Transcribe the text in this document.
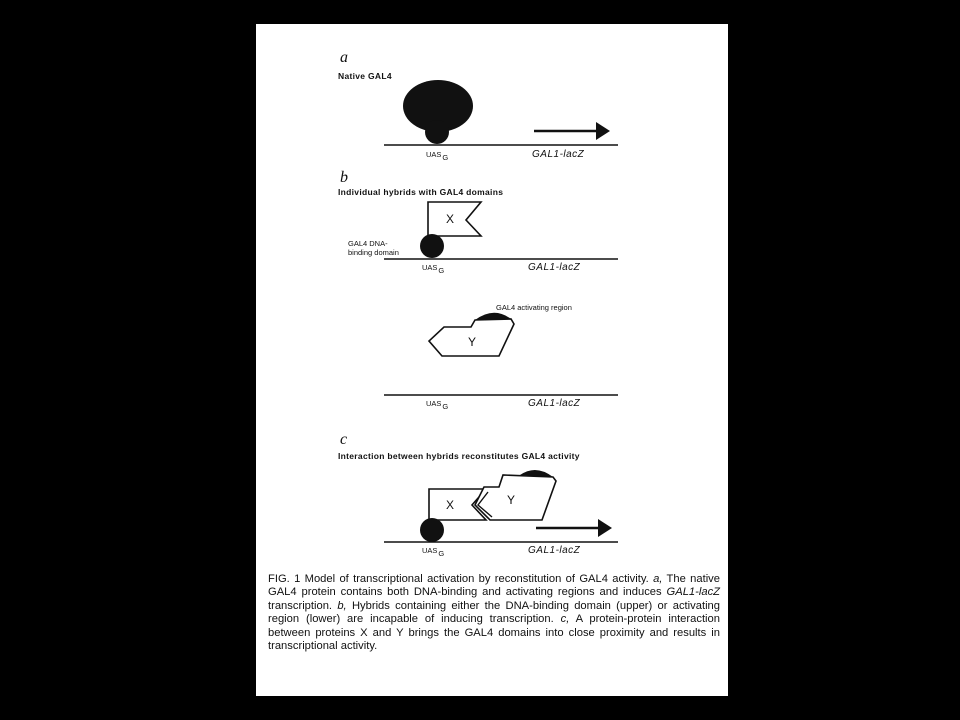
a
Native GAL4
UASG	GAL1-lacZ
b
Individual hybrids with GAL4 domains
X
GAL4 DNA-
binding domain
UASG	GAL1-lacZ
GAL4 activating region
Y
UASG	GAL1-lacZ
c
Interaction between hybrids reconstitutes GAL4 activity
X	Y
UASG	GAL1-lacZ
FIG. 1 Model of transcriptional activation by reconstitution of GAL4 activity. a, The native GAL4 protein contains both DNA-binding and activating regions and induces GAL1-lacZ transcription. b, Hybrids containing either the DNA-binding domain (upper) or activating region (lower) are incapable of inducing transcription. c, A protein-protein interaction between proteins X and Y brings the GAL4 domains into close proximity and results in transcriptional activity.
